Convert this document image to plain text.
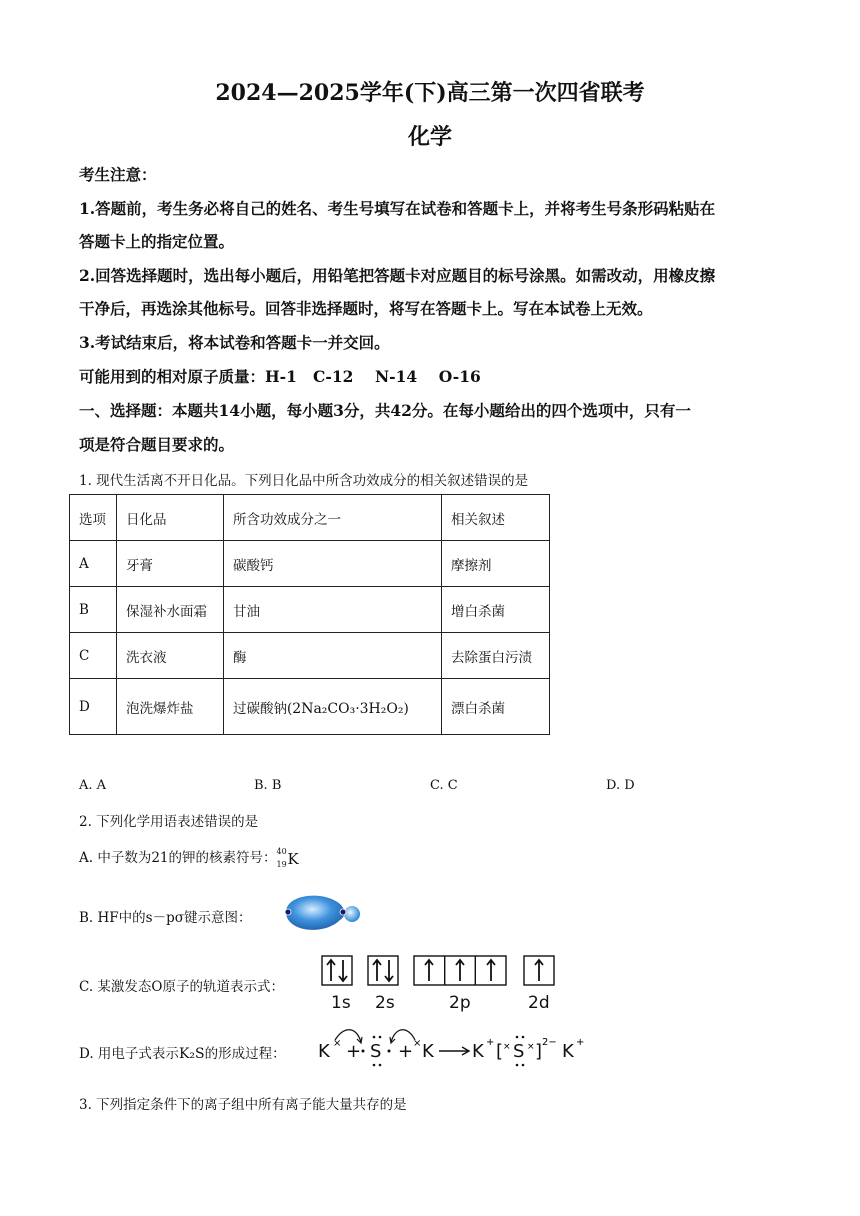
2024—2025学年(下)高三第一次四省联考
化学
考生注意：
1.答题前，考生务必将自己的姓名、考生号填写在试卷和答题卡上，并将考生号条形码粘贴在
答题卡上的指定位置。
2.回答选择题时，选出每小题后，用铅笔把答题卡对应题目的标号涂黑。如需改动，用橡皮擦
干净后，再选涂其他标号。回答非选择题时，将写在答题卡上。写在本试卷上无效。
3.考试结束后，将本试卷和答题卡一并交回。
可能用到的相对原子质量：H-1   C-12    N-14    O-16
一、选择题：本题共14小题，每小题3分，共42分。在每小题给出的四个选项中，只有一
项是符合题目要求的。
1. 现代生活离不开日化品。下列日化品中所含功效成分的相关叙述错误的是
选项	日化品	所含功效成分之一	相关叙述
A	牙膏	碳酸钙	摩擦剂
B	保湿补水面霜	甘油	增白杀菌
C	洗衣液	酶	去除蛋白污渍
D	泡洗爆炸盐	过碳酸钠(2Na₂CO₃·3H₂O₂)	漂白杀菌
A. A	B. B	C. C	D. D
2. 下列化学用语表述错误的是
A. 中子数为21的钾的核素符号： 40
19 K
B. HF中的s－pσ键示意图：
C. 某激发态O原子的轨道表示式：
1s 2s	2p	2d
D. 用电子式表示K₂S的形成过程： K × + S + × K K + [ × S × ] 2− K +
3. 下列指定条件下的离子组中所有离子能大量共存的是
